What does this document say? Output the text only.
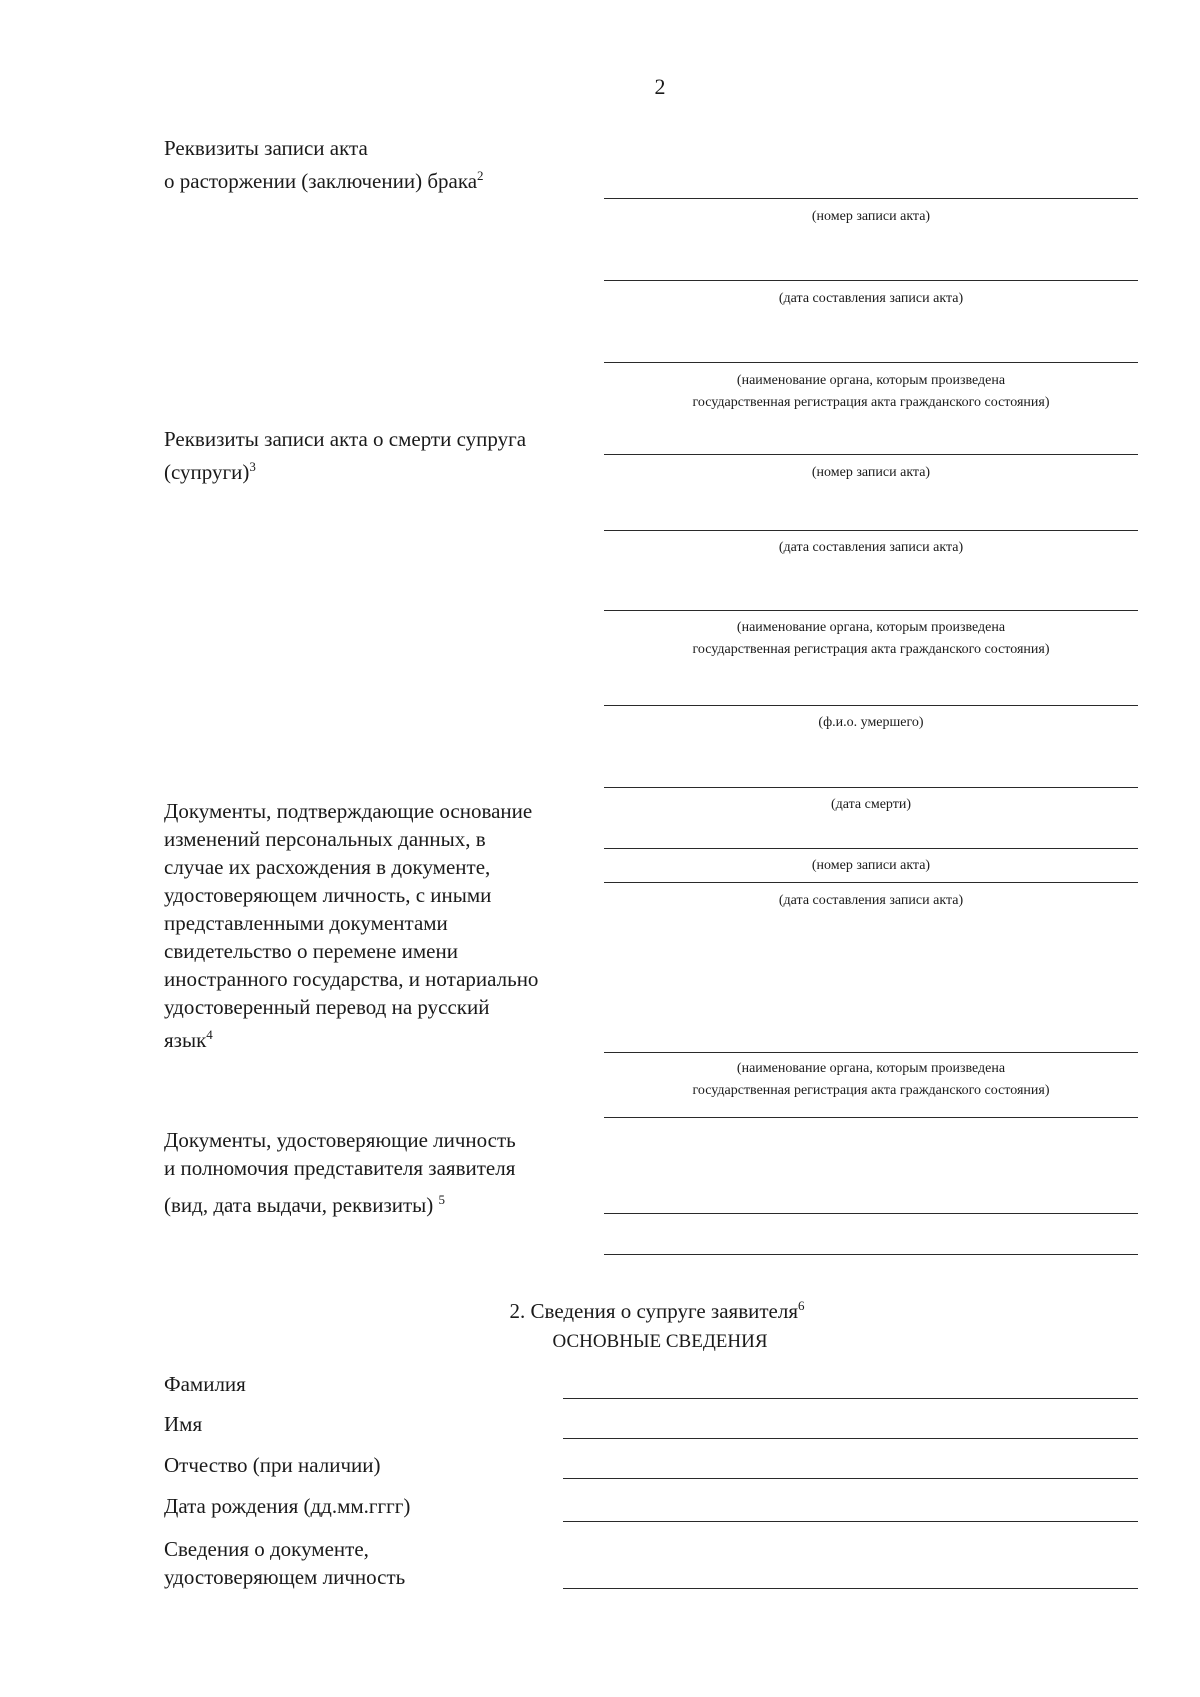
2
Реквизиты записи акта
о расторжении (заключении) брака$^2$
(номер записи акта)
(дата составления записи акта)
(наименование органа, которым произведена
государственная регистрация акта гражданского состояния)
Реквизиты записи акта о смерти супруга
(супруги)$^3$	(номер записи акта)
(дата составления записи акта)
(наименование органа, которым произведена
государственная регистрация акта гражданского состояния)
(ф.и.о. умершего)
(дата смерти)
Документы, подтверждающие основание
изменений персональных данных, в
случае их расхождения в документе,
удостоверяющем личность, с иными
представленными документами
свидетельство о перемене имени
иностранного государства, и нотариально
удостоверенный перевод на русский
язык$^4$
(номер записи акта)
(дата составления записи акта)
(наименование органа, которым произведена
государственная регистрация акта гражданского состояния)
Документы, удостоверяющие личность
и полномочия представителя заявителя
(вид, дата выдачи, реквизиты) $^5$
2. Сведения о супруге заявителя$^6$
ОСНОВНЫЕ СВЕДЕНИЯ
Фамилия
Имя
Отчество (при наличии)
Дата рождения (дд.мм.гггг)
Сведения о документе,
удостоверяющем личность
